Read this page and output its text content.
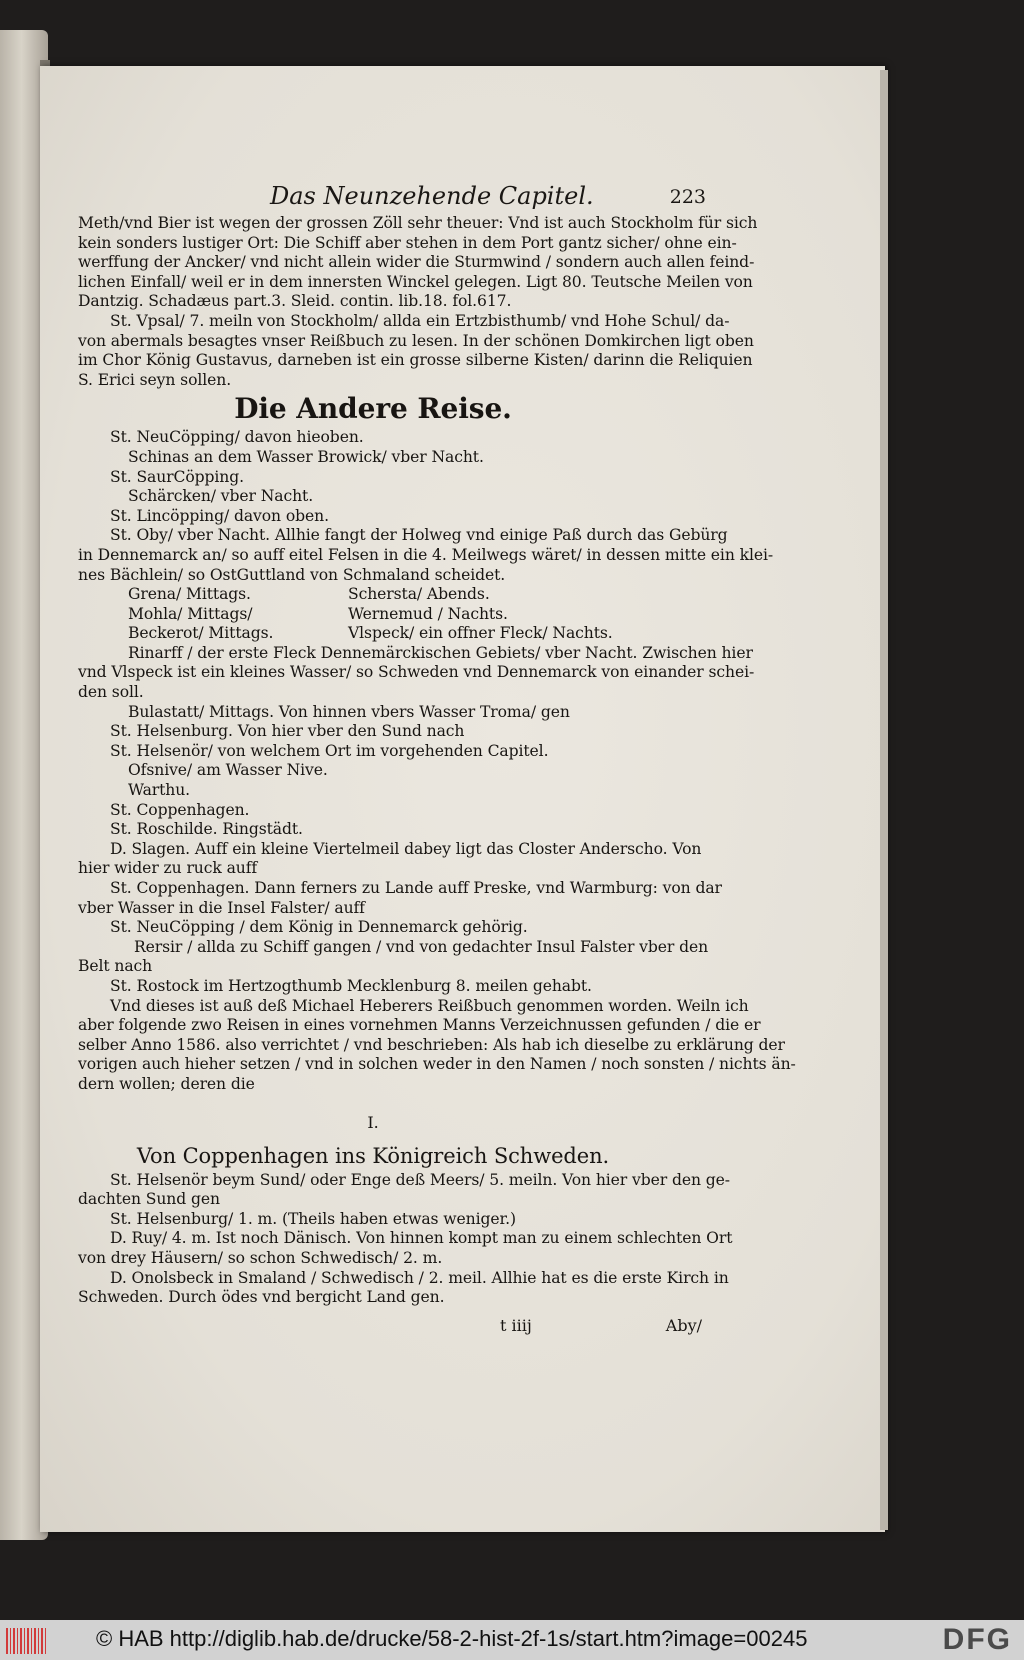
Das Neunzehende Capitel.	223
Meth/vnd Bier ist wegen der grossen Zöll sehr theuer: Vnd ist auch Stockholm für sich
kein sonders lustiger Ort: Die Schiff aber stehen in dem Port gantz sicher/ ohne ein-
werffung der Ancker/ vnd nicht allein wider die Sturmwind / sondern auch allen feind-
lichen Einfall/ weil er in dem innersten Winckel gelegen. Ligt 80. Teutsche Meilen von
Dantzig. Schadæus part.3. Sleid. contin. lib.18. fol.617.
St. Vpsal/ 7. meiln von Stockholm/ allda ein Ertzbisthumb/ vnd Hohe Schul/ da-
von abermals besagtes vnser Reißbuch zu lesen. In der schönen Domkirchen ligt oben
im Chor König Gustavus, darneben ist ein grosse silberne Kisten/ darinn die Reliquien
S. Erici seyn sollen.
Die Andere Reise.
St. NeuCöpping/ davon hieoben.
Schinas an dem Wasser Browick/ vber Nacht.
St. SaurCöpping.
Schärcken/ vber Nacht.
St. Lincöpping/ davon oben.
St. Oby/ vber Nacht. Allhie fangt der Holweg vnd einige Paß durch das Gebürg
in Dennemarck an/ so auff eitel Felsen in die 4. Meilwegs wäret/ in dessen mitte ein klei-
nes Bächlein/ so OstGuttland von Schmaland scheidet.
Grena/ Mittags.	Schersta/ Abends.
Mohla/ Mittags/	Wernemud / Nachts.
Beckerot/ Mittags.	Vlspeck/ ein offner Fleck/ Nachts.
Rinarff / der erste Fleck Dennemärckischen Gebiets/ vber Nacht. Zwischen hier
vnd Vlspeck ist ein kleines Wasser/ so Schweden vnd Dennemarck von einander schei-
den soll.
Bulastatt/ Mittags. Von hinnen vbers Wasser Troma/ gen
St. Helsenburg. Von hier vber den Sund nach
St. Helsenör/ von welchem Ort im vorgehenden Capitel.
Ofsnive/ am Wasser Nive.
Warthu.
St. Coppenhagen.
St. Roschilde. Ringstädt.
D. Slagen. Auff ein kleine Viertelmeil dabey ligt das Closter Anderscho. Von
hier wider zu ruck auff
St. Coppenhagen. Dann ferners zu Lande auff Preske, vnd Warmburg: von dar
vber Wasser in die Insel Falster/ auff
St. NeuCöpping / dem König in Dennemarck gehörig.
Rersir / allda zu Schiff gangen / vnd von gedachter Insul Falster vber den
Belt nach
St. Rostock im Hertzogthumb Mecklenburg 8. meilen gehabt.
Vnd dieses ist auß deß Michael Heberers Reißbuch genommen worden. Weiln ich
aber folgende zwo Reisen in eines vornehmen Manns Verzeichnussen gefunden / die er
selber Anno 1586. also verrichtet / vnd beschrieben: Als hab ich dieselbe zu erklärung der
vorigen auch hieher setzen / vnd in solchen weder in den Namen / noch sonsten / nichts än-
dern wollen; deren die
I.
Von Coppenhagen ins Königreich Schweden.
St. Helsenör beym Sund/ oder Enge deß Meers/ 5. meiln. Von hier vber den ge-
dachten Sund gen
St. Helsenburg/ 1. m. (Theils haben etwas weniger.)
D. Ruy/ 4. m. Ist noch Dänisch. Von hinnen kompt man zu einem schlechten Ort
von drey Häusern/ so schon Schwedisch/ 2. m.
D. Onolsbeck in Smaland / Schwedisch / 2. meil. Allhie hat es die erste Kirch in
Schweden. Durch ödes vnd bergicht Land gen.
t iiij	Aby/
© HAB http://diglib.hab.de/drucke/58-2-hist-2f-1s/start.htm?image=00245	DFG
